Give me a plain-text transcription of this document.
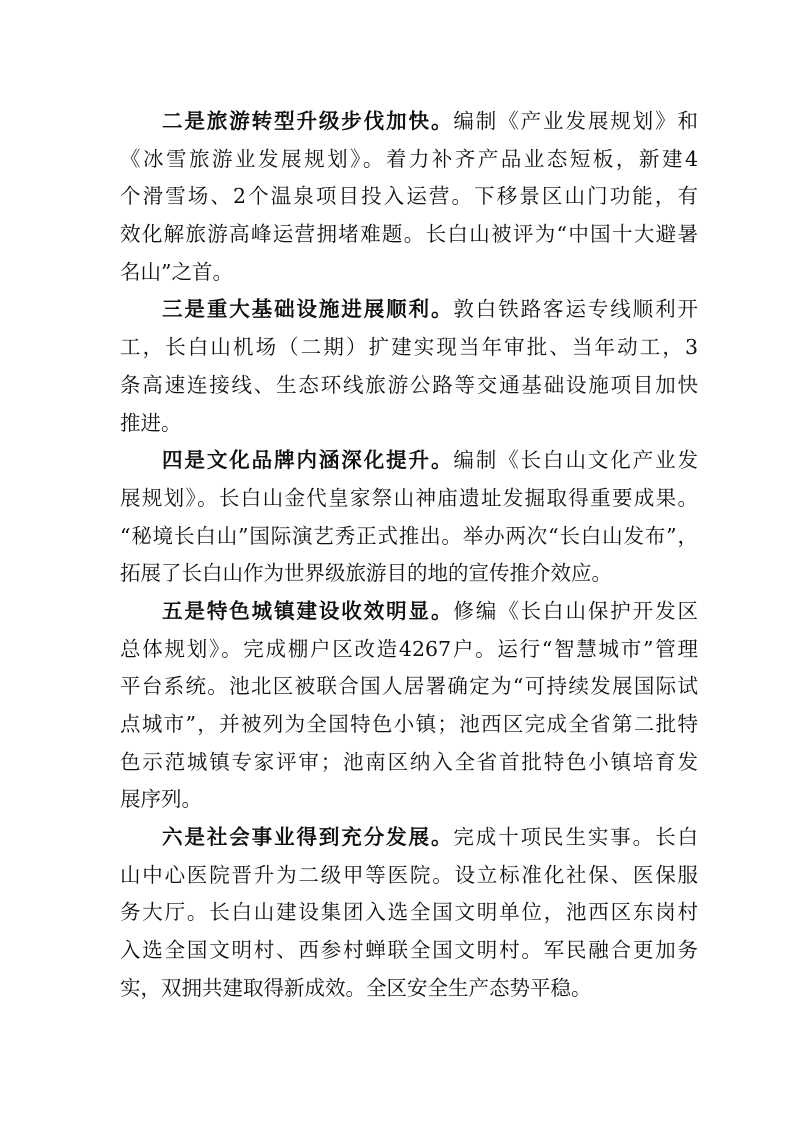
二是旅游转型升级步伐加快。编制《产业发展规划》和
《冰雪旅游业发展规划》。着力补齐产品业态短板，新建4
个滑雪场、2个温泉项目投入运营。下移景区山门功能，有
效化解旅游高峰运营拥堵难题。长白山被评为“中国十大避暑
名山”之首。
三是重大基础设施进展顺利。敦白铁路客运专线顺利开
工，长白山机场（二期）扩建实现当年审批、当年动工，3
条高速连接线、生态环线旅游公路等交通基础设施项目加快
推进。
四是文化品牌内涵深化提升。编制《长白山文化产业发
展规划》。长白山金代皇家祭山神庙遗址发掘取得重要成果。
“秘境长白山”国际演艺秀正式推出。举办两次“长白山发布”，
拓展了长白山作为世界级旅游目的地的宣传推介效应。
五是特色城镇建设收效明显。修编《长白山保护开发区
总体规划》。完成棚户区改造4267户。运行“智慧城市”管理
平台系统。池北区被联合国人居署确定为“可持续发展国际试
点城市”，并被列为全国特色小镇；池西区完成全省第二批特
色示范城镇专家评审；池南区纳入全省首批特色小镇培育发
展序列。
六是社会事业得到充分发展。完成十项民生实事。长白
山中心医院晋升为二级甲等医院。设立标准化社保、医保服
务大厅。长白山建设集团入选全国文明单位，池西区东岗村
入选全国文明村、西参村蝉联全国文明村。军民融合更加务
实，双拥共建取得新成效。全区安全生产态势平稳。
